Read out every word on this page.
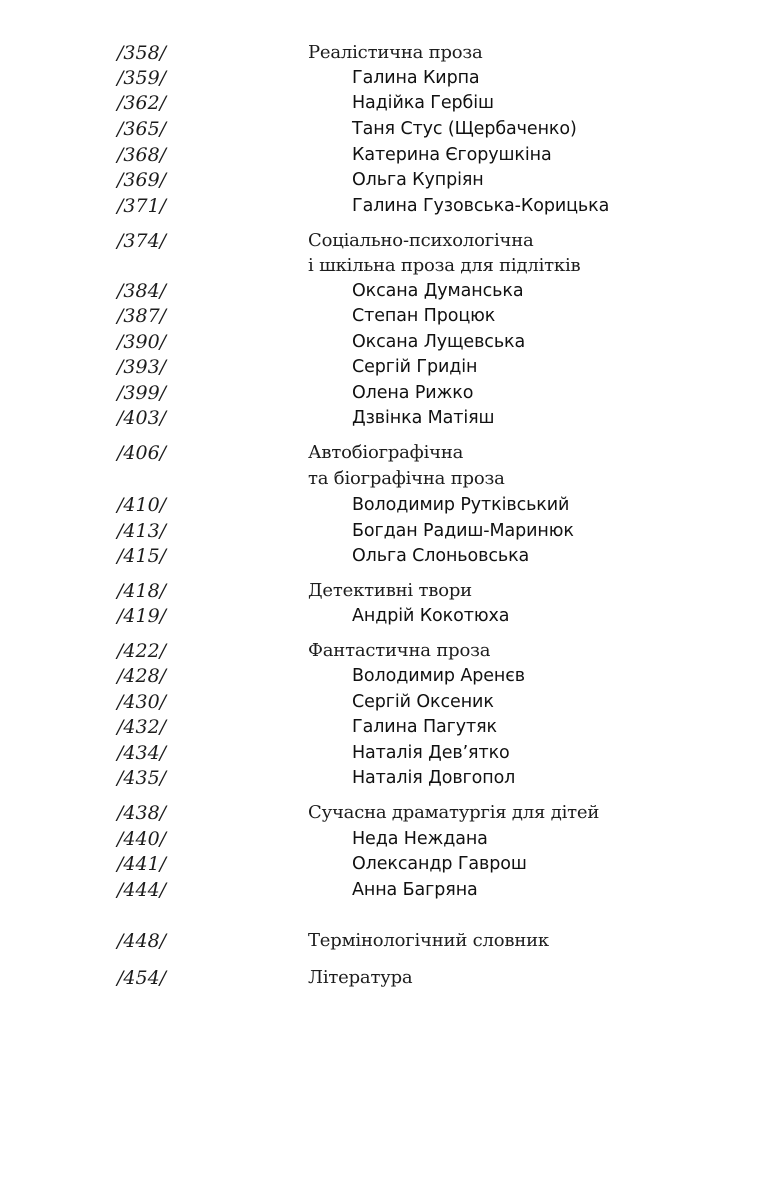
/358/	Реалістична проза
/359/	Галина Кирпа
/362/	Надійка Гербіш
/365/	Таня Стус (Щербаченко)
/368/	Катерина Єгорушкіна
/369/	Ольга Купріян
/371/	Галина Гузовська-Корицька
/374/	Соціально-психологічна
і шкільна проза для підлітків
/384/	Оксана Думанська
/387/	Степан Процюк
/390/	Оксана Лущевська
/393/	Сергій Гридін
/399/	Олена Рижко
/403/	Дзвінка Матіяш
/406/	Автобіографічна
та біографічна проза
/410/	Володимир Рутківський
/413/	Богдан Радиш-Маринюк
/415/	Ольга Слоньовська
/418/	Детективні твори
/419/	Андрій Кокотюха
/422/	Фантастична проза
/428/	Володимир Аренєв
/430/	Сергій Оксеник
/432/	Галина Пагутяк
/434/	Наталія Дев’ятко
/435/	Наталія Довгопол
/438/	Сучасна драматургія для дітей
/440/	Неда Неждана
/441/	Олександр Гаврош
/444/	Анна Багряна
/448/	Термінологічний словник
/454/	Література
